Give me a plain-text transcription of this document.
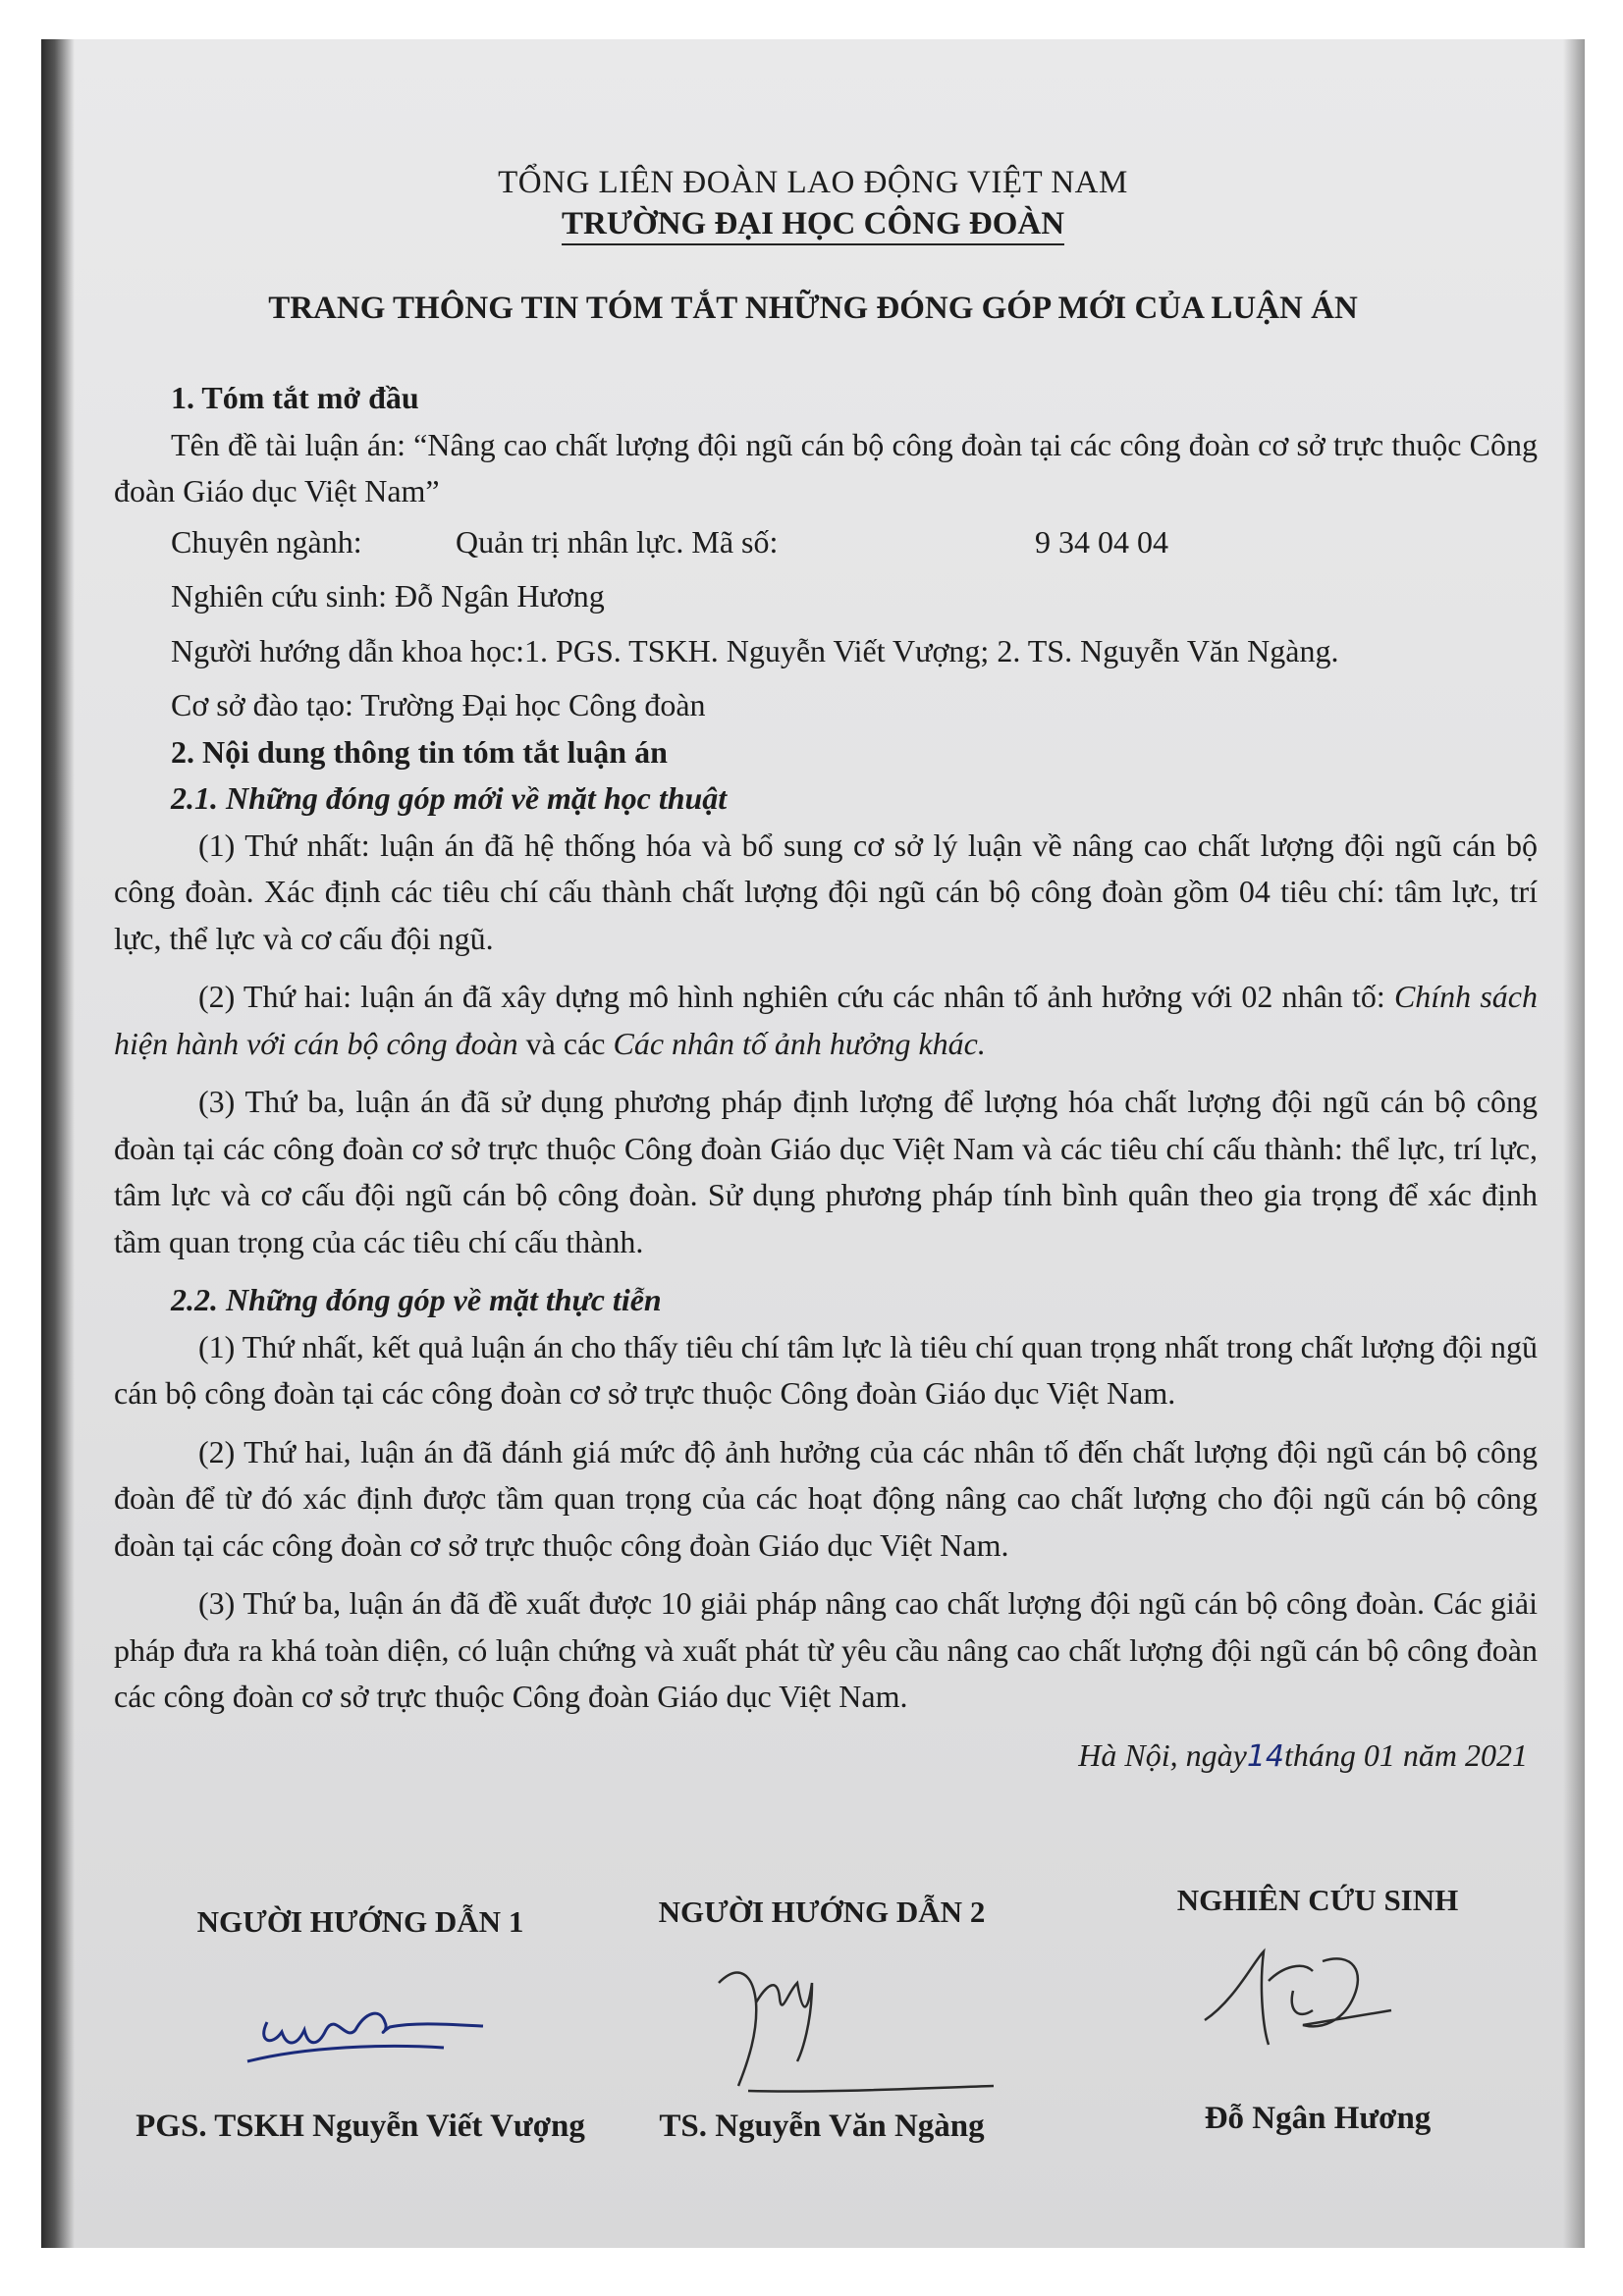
TỔNG LIÊN ĐOÀN LAO ĐỘNG VIỆT NAM
TRƯỜNG ĐẠI HỌC CÔNG ĐOÀN
TRANG THÔNG TIN TÓM TẮT NHỮNG ĐÓNG GÓP MỚI CỦA LUẬN ÁN

1. Tóm tắt mở đầu

Tên đề tài luận án: “Nâng cao chất lượng đội ngũ cán bộ công đoàn tại các công đoàn cơ sở trực thuộc Công đoàn Giáo dục Việt Nam”

Chuyên ngành:	Quản trị nhân lực. Mã số:	9 34 04 04

Nghiên cứu sinh: Đỗ Ngân Hương

Người hướng dẫn khoa học:1. PGS. TSKH. Nguyễn Viết Vượng; 2. TS. Nguyễn Văn Ngàng.

Cơ sở đào tạo: Trường Đại học Công đoàn

2. Nội dung thông tin tóm tắt luận án

2.1. Những đóng góp mới về mặt học thuật

(1) Thứ nhất: luận án đã hệ thống hóa và bổ sung cơ sở lý luận về nâng cao chất lượng đội ngũ cán bộ công đoàn. Xác định các tiêu chí cấu thành chất lượng đội ngũ cán bộ công đoàn gồm 04 tiêu chí: tâm lực, trí lực, thể lực và cơ cấu đội ngũ.

(2) Thứ hai: luận án đã xây dựng mô hình nghiên cứu các nhân tố ảnh hưởng với 02 nhân tố: Chính sách hiện hành với cán bộ công đoàn và các Các nhân tố ảnh hưởng khác.

(3) Thứ ba, luận án đã sử dụng phương pháp định lượng để lượng hóa chất lượng đội ngũ cán bộ công đoàn tại các công đoàn cơ sở trực thuộc Công đoàn Giáo dục Việt Nam và các tiêu chí cấu thành: thể lực, trí lực, tâm lực và cơ cấu đội ngũ cán bộ công đoàn. Sử dụng phương pháp tính bình quân theo gia trọng để xác định tầm quan trọng của các tiêu chí cấu thành.

2.2. Những đóng góp về mặt thực tiễn

(1) Thứ nhất, kết quả luận án cho thấy tiêu chí tâm lực là tiêu chí quan trọng nhất trong chất lượng đội ngũ cán bộ công đoàn tại các công đoàn cơ sở trực thuộc Công đoàn Giáo dục Việt Nam.

(2) Thứ hai, luận án đã đánh giá mức độ ảnh hưởng của các nhân tố đến chất lượng đội ngũ cán bộ công đoàn để từ đó xác định được tầm quan trọng của các hoạt động nâng cao chất lượng cho đội ngũ cán bộ công đoàn tại các công đoàn cơ sở trực thuộc công đoàn Giáo dục Việt Nam.

(3) Thứ ba, luận án đã đề xuất được 10 giải pháp nâng cao chất lượng đội ngũ cán bộ công đoàn. Các giải pháp đưa ra khá toàn diện, có luận chứng và xuất phát từ yêu cầu nâng cao chất lượng đội ngũ cán bộ công đoàn các công đoàn cơ sở trực thuộc Công đoàn Giáo dục Việt Nam.

Hà Nội, ngày14tháng 01 năm 2021

NGƯỜI HƯỚNG DẪN 1
PGS. TSKH Nguyễn Viết Vượng
NGƯỜI HƯỚNG DẪN 2
TS. Nguyễn Văn Ngàng
NGHIÊN CỨU SINH
Đỗ Ngân Hương
